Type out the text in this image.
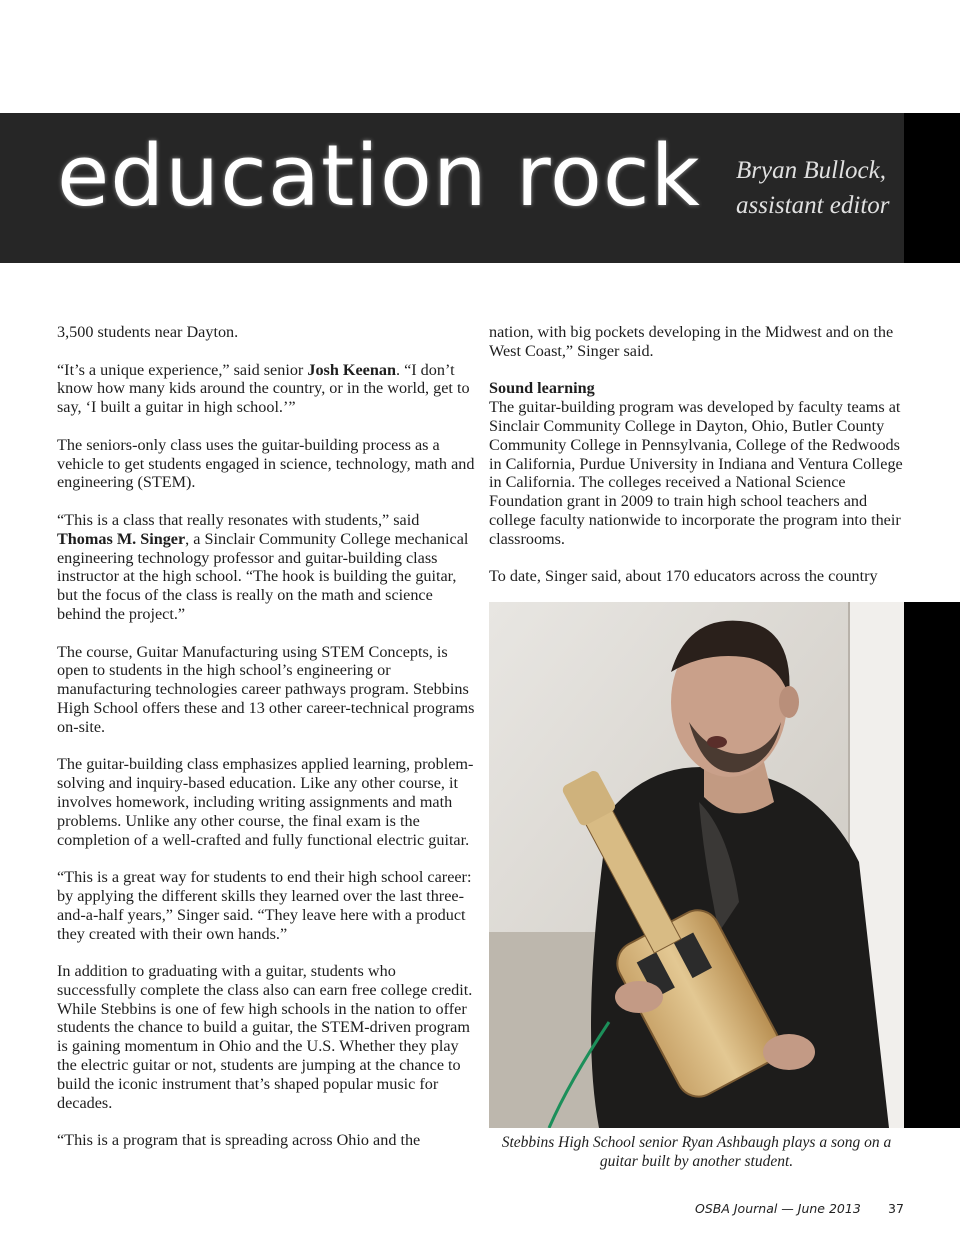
education rock Bryan Bullock,
assistant editor

3,500 students near Dayton.

“It’s a unique experience,” said senior Josh Keenan. “I don’t know how many kids around the country, or in the world, get to say, ‘I built a guitar in high school.’”

The seniors-only class uses the guitar-building process as a vehicle to get students engaged in science, technology, math and engineering (STEM).

“This is a class that really resonates with students,” said Thomas M. Singer, a Sinclair Community College mechanical engineering technology professor and guitar-building class instructor at the high school. “The hook is building the guitar, but the focus of the class is really on the math and science behind the project.”

The course, Guitar Manufacturing using STEM Concepts, is open to students in the high school’s engineering or manufacturing technologies career pathways program. Stebbins High School offers these and 13 other career-technical programs on-site.

The guitar-building class emphasizes applied learning, problem-solving and inquiry-based education. Like any other course, it involves homework, including writing assignments and math problems. Unlike any other course, the final exam is the completion of a well-crafted and fully functional electric guitar.

“This is a great way for students to end their high school career: by applying the different skills they learned over the last three-and-a-half years,” Singer said. “They leave here with a product they created with their own hands.”

In addition to graduating with a guitar, students who successfully complete the class also can earn free college credit. While Stebbins is one of few high schools in the nation to offer students the chance to build a guitar, the STEM-driven program is gaining momentum in Ohio and the U.S. Whether they play the electric guitar or not, students are jumping at the chance to build the iconic instrument that’s shaped popular music for decades.

“This is a program that is spreading across Ohio and the

nation, with big pockets developing in the Midwest and on the West Coast,” Singer said.

Sound learning
The guitar-building program was developed by faculty teams at Sinclair Community College in Dayton, Ohio, Butler County Community College in Pennsylvania, College of the Redwoods in California, Purdue University in Indiana and Ventura College in California. The colleges received a National Science Foundation grant in 2009 to train high school teachers and college faculty nationwide to incorporate the program into their classrooms.

To date, Singer said, about 170 educators across the country

Stebbins High School senior Ryan Ashbaugh plays a song on a
guitar built by another student.
OSBA Journal — June 2013 37
